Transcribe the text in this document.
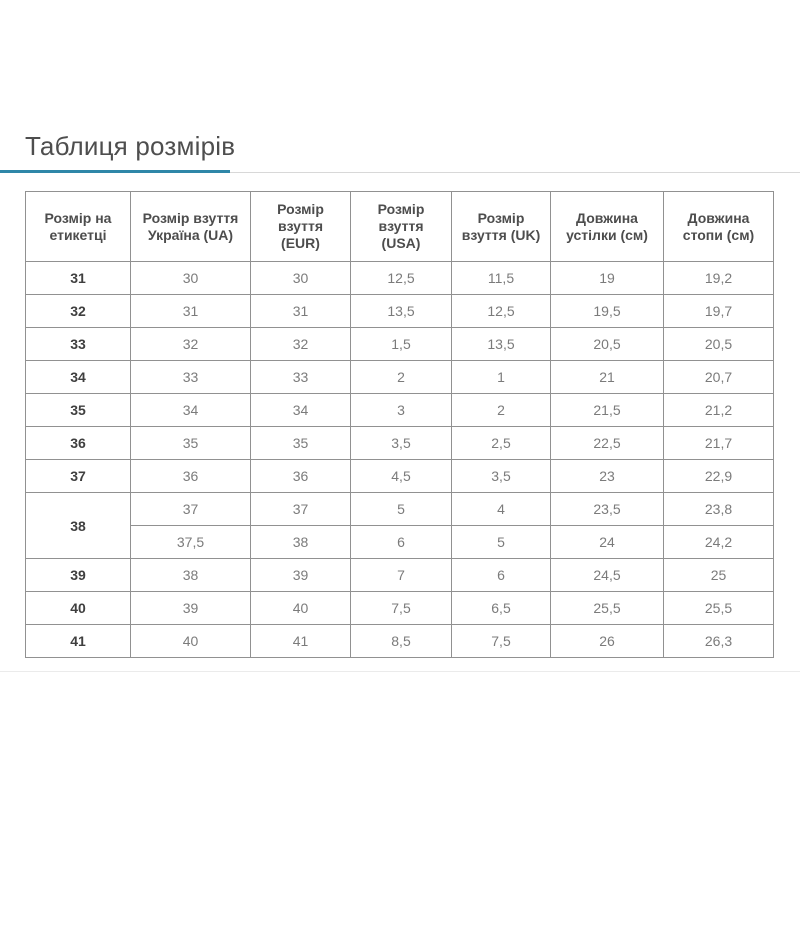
Таблиця розмірів
Розмір на етикетці	Розмір взуття Україна (UA)	Розмір взуття (EUR)	Розмір взуття (USA)	Розмір взуття (UK)	Довжина устілки (см)	Довжина стопи (см)
31	30	30	12,5	11,5	19	19,2
32	31	31	13,5	12,5	19,5	19,7
33	32	32	1,5	13,5	20,5	20,5
34	33	33	2	1	21	20,7
35	34	34	3	2	21,5	21,2
36	35	35	3,5	2,5	22,5	21,7
37	36	36	4,5	3,5	23	22,9
38	37	37	5	4	23,5	23,8
	37,5	38	6	5	24	24,2
39	38	39	7	6	24,5	25
40	39	40	7,5	6,5	25,5	25,5
41	40	41	8,5	7,5	26	26,3
